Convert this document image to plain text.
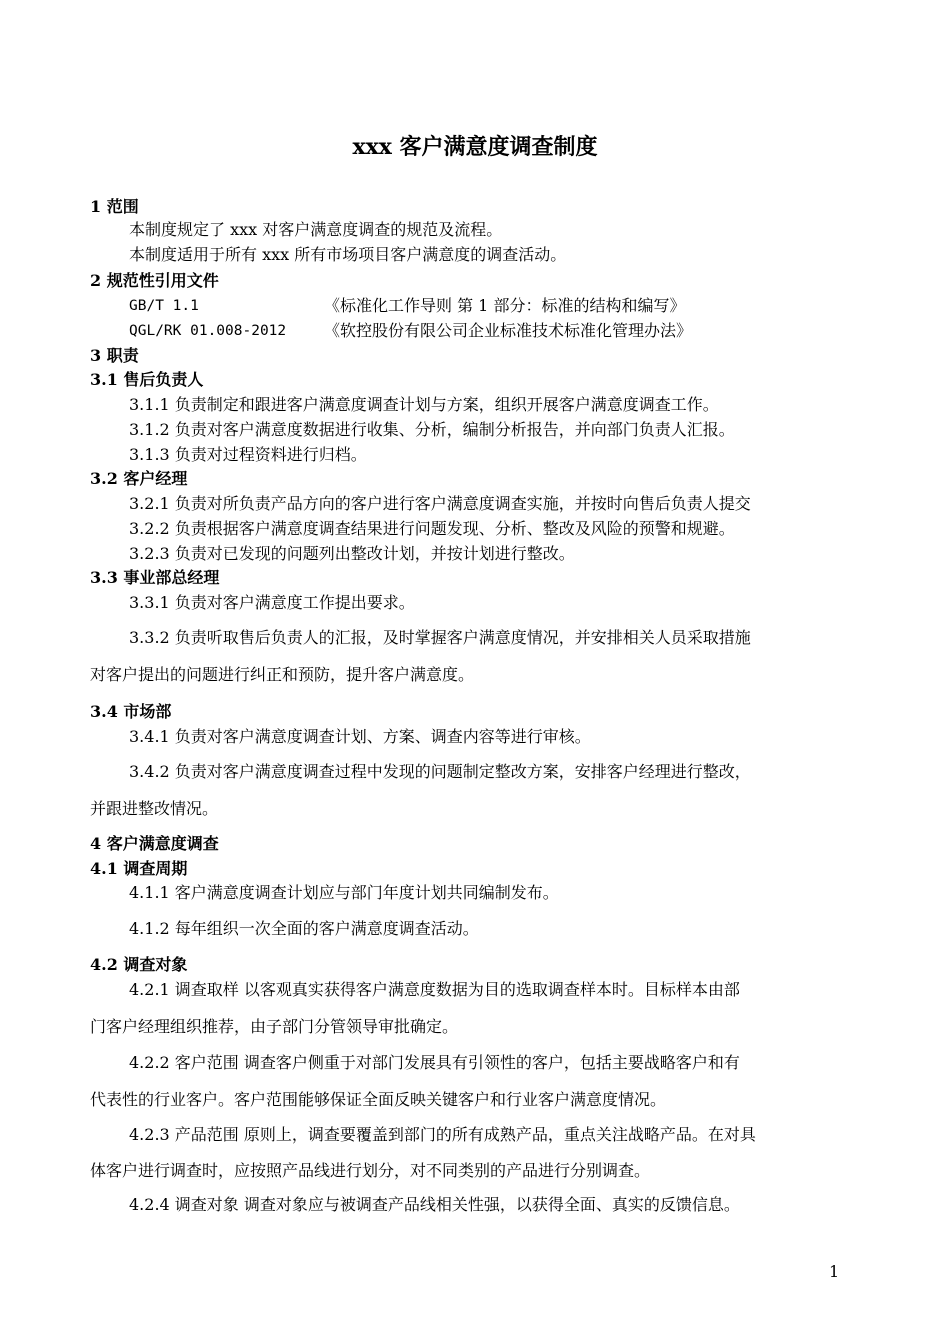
xxx 客户满意度调查制度
1 范围
本制度规定了 xxx 对客户满意度调查的规范及流程。
本制度适用于所有 xxx 所有市场项目客户满意度的调查活动。
2 规范性引用文件
GB/T 1.1	《标准化工作导则 第 1 部分：标准的结构和编写》
QGL/RK 01.008-2012 《软控股份有限公司企业标准技术标准化管理办法》
3 职责
3.1 售后负责人
3.1.1 负责制定和跟进客户满意度调查计划与方案，组织开展客户满意度调查工作。
3.1.2 负责对客户满意度数据进行收集、分析，编制分析报告，并向部门负责人汇报。
3.1.3 负责对过程资料进行归档。
3.2 客户经理
3.2.1 负责对所负责产品方向的客户进行客户满意度调查实施，并按时向售后负责人提交
3.2.2 负责根据客户满意度调查结果进行问题发现、分析、整改及风险的预警和规避。
3.2.3 负责对已发现的问题列出整改计划，并按计划进行整改。
3.3 事业部总经理
3.3.1 负责对客户满意度工作提出要求。
3.3.2 负责听取售后负责人的汇报，及时掌握客户满意度情况，并安排相关人员采取措施
对客户提出的问题进行纠正和预防，提升客户满意度。
3.4 市场部
3.4.1 负责对客户满意度调查计划、方案、调查内容等进行审核。
3.4.2 负责对客户满意度调查过程中发现的问题制定整改方案，安排客户经理进行整改，
并跟进整改情况。
4 客户满意度调查
4.1 调查周期
4.1.1 客户满意度调查计划应与部门年度计划共同编制发布。
4.1.2 每年组织一次全面的客户满意度调查活动。
4.2 调查对象
4.2.1 调查取样 以客观真实获得客户满意度数据为目的选取调查样本时。目标样本由部
门客户经理组织推荐，由子部门分管领导审批确定。
4.2.2 客户范围 调查客户侧重于对部门发展具有引领性的客户，包括主要战略客户和有
代表性的行业客户。客户范围能够保证全面反映关键客户和行业客户满意度情况。
4.2.3 产品范围 原则上，调查要覆盖到部门的所有成熟产品，重点关注战略产品。在对具
体客户进行调查时，应按照产品线进行划分，对不同类别的产品进行分别调查。
4.2.4 调查对象 调查对象应与被调查产品线相关性强，以获得全面、真实的反馈信息。
1
